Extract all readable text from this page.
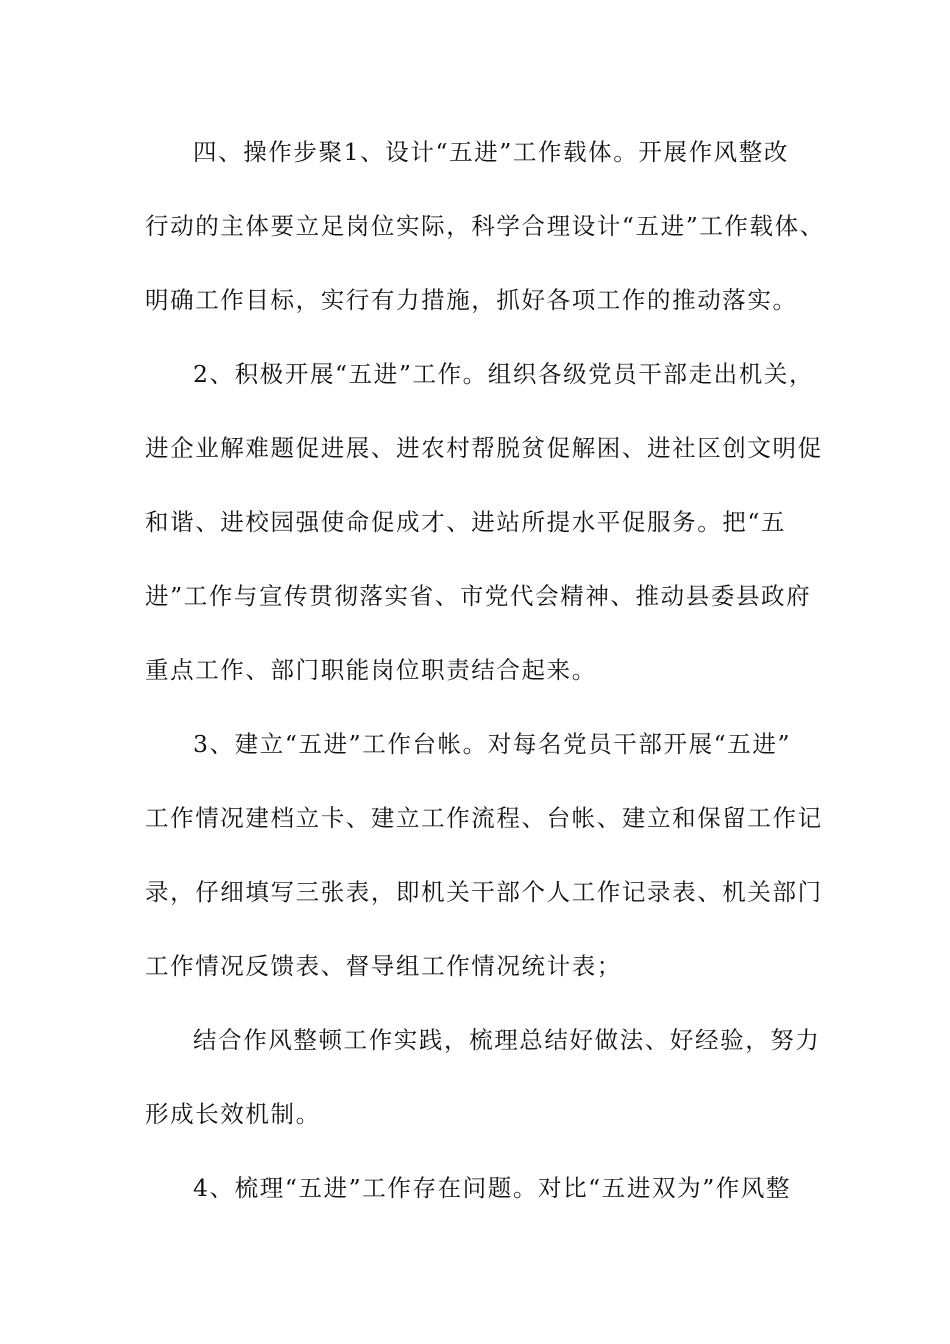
四、操作步聚1、设计“五进”工作载体。开展作风整改
行动的主体要立足岗位实际，科学合理设计“五进”工作载体、
明确工作目标，实行有力措施，抓好各项工作的推动落实。
2、积极开展“五进”工作。组织各级党员干部走出机关，
进企业解难题促进展、进农村帮脱贫促解困、进社区创文明促
和谐、进校园强使命促成才、进站所提水平促服务。把“五
进”工作与宣传贯彻落实省、市党代会精神、推动县委县政府
重点工作、部门职能岗位职责结合起来。
3、建立“五进”工作台帐。对每名党员干部开展“五进”
工作情况建档立卡、建立工作流程、台帐、建立和保留工作记
录，仔细填写三张表，即机关干部个人工作记录表、机关部门
工作情况反馈表、督导组工作情况统计表；
结合作风整顿工作实践，梳理总结好做法、好经验，努力
形成长效机制。
4、梳理“五进”工作存在问题。对比“五进双为”作风整
